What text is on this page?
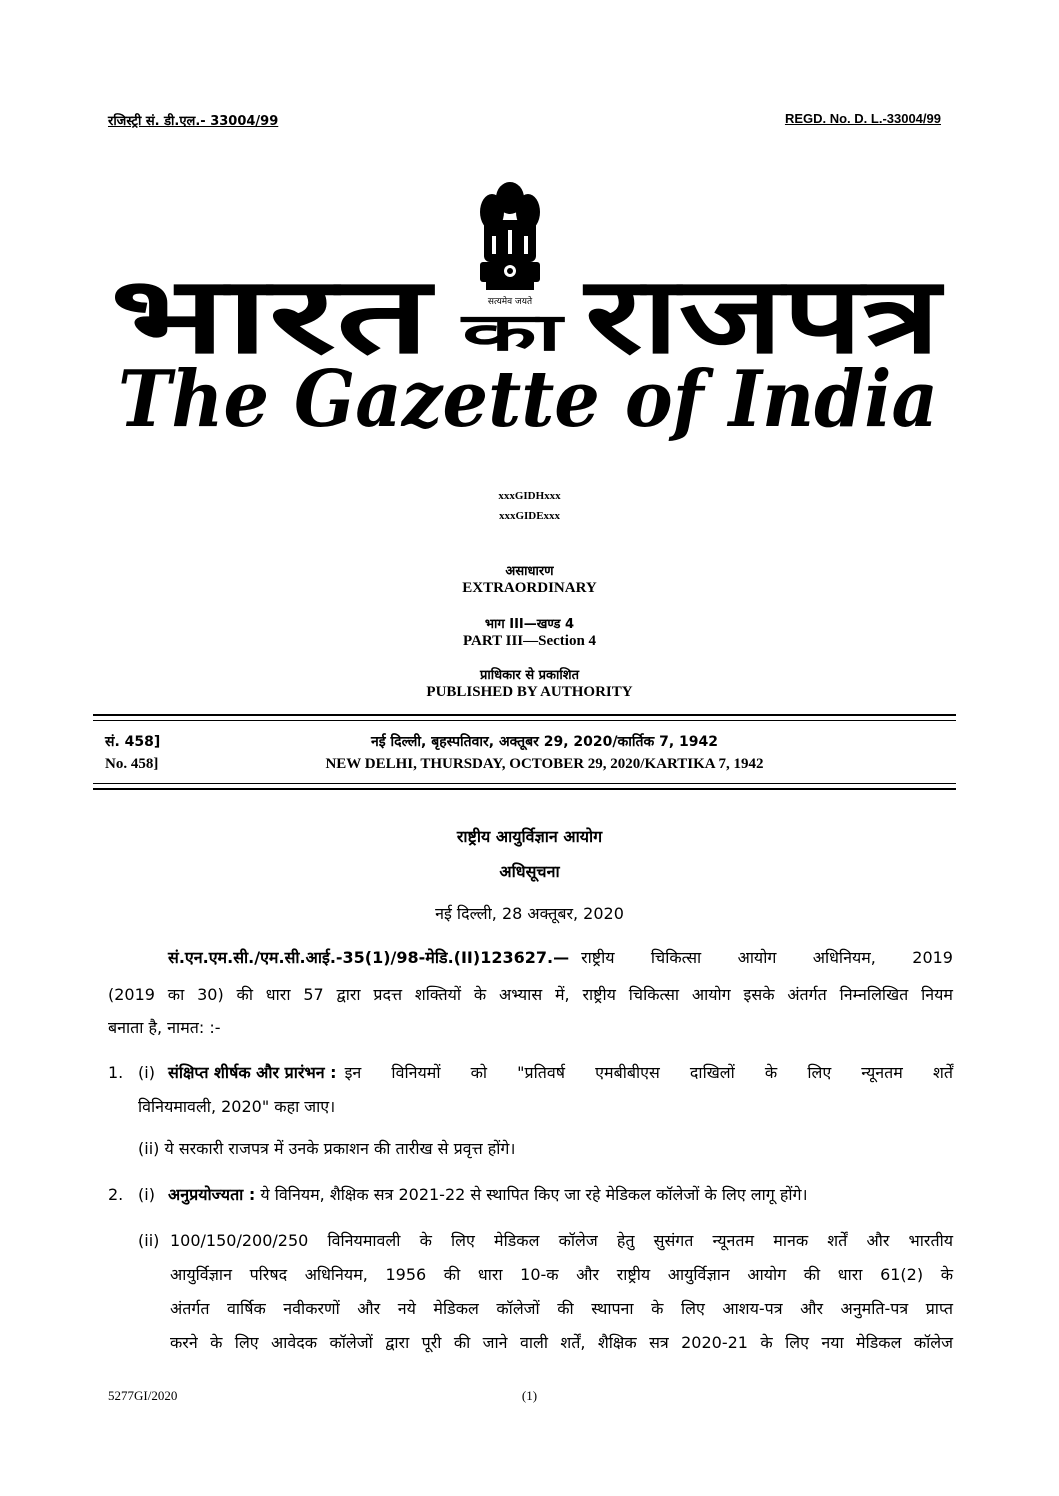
रजिस्ट्री सं. डी.एल.- 33004/99	REGD. No. D. L.-33004/99
सत्यमेव जयते
भारत का राजपत्र
The Gazette of India
xxxGIDHxxx
xxxGIDExxx
असाधारण
EXTRAORDINARY
भाग III—खण्ड 4
PART III—Section 4
प्राधिकार से प्रकाशित
PUBLISHED BY AUTHORITY
सं. 458]	नई दिल्ली, बृहस्पतिवार, अक्तूबर 29, 2020/कार्तिक 7, 1942
No. 458]	NEW DELHI, THURSDAY, OCTOBER 29, 2020/KARTIKA 7, 1942
राष्ट्रीय आयुर्विज्ञान आयोग
अधिसूचना
नई दिल्ली, 28 अक्तूबर, 2020
सं.एन.एम.सी./एम.सी.आई.-35(1)/98-मेडि.(II)123627.— राष्ट्रीय चिकित्सा आयोग अधिनियम, 2019
(2019 का 30) की धारा 57 द्वारा प्रदत्त शक्तियों के अभ्यास में, राष्ट्रीय चिकित्सा आयोग इसके अंतर्गत निम्नलिखित नियम
बनाता है, नामत: :-
1. (i) संक्षिप्त शीर्षक और प्रारंभन : इन विनियमों को "प्रतिवर्ष एमबीबीएस दाखिलों के लिए न्यूनतम शर्तें
विनियमावली, 2020" कहा जाए।
(ii) ये सरकारी राजपत्र में उनके प्रकाशन की तारीख से प्रवृत्त होंगे।
2. (i) अनुप्रयोज्यता : ये विनियम, शैक्षिक सत्र 2021-22 से स्थापित किए जा रहे मेडिकल कॉलेजों के लिए लागू होंगे।
(ii) 100/150/200/250 विनियमावली के लिए मेडिकल कॉलेज हेतु सुसंगत न्यूनतम मानक शर्तें और भारतीय
आयुर्विज्ञान परिषद अधिनियम, 1956 की धारा 10-क और राष्ट्रीय आयुर्विज्ञान आयोग की धारा 61(2) के
अंतर्गत वार्षिक नवीकरणों और नये मेडिकल कॉलेजों की स्थापना के लिए आशय-पत्र और अनुमति-पत्र प्राप्त
करने के लिए आवेदक कॉलेजों द्वारा पूरी की जाने वाली शर्तें, शैक्षिक सत्र 2020-21 के लिए नया मेडिकल कॉलेज
(1)
5277GI/2020
